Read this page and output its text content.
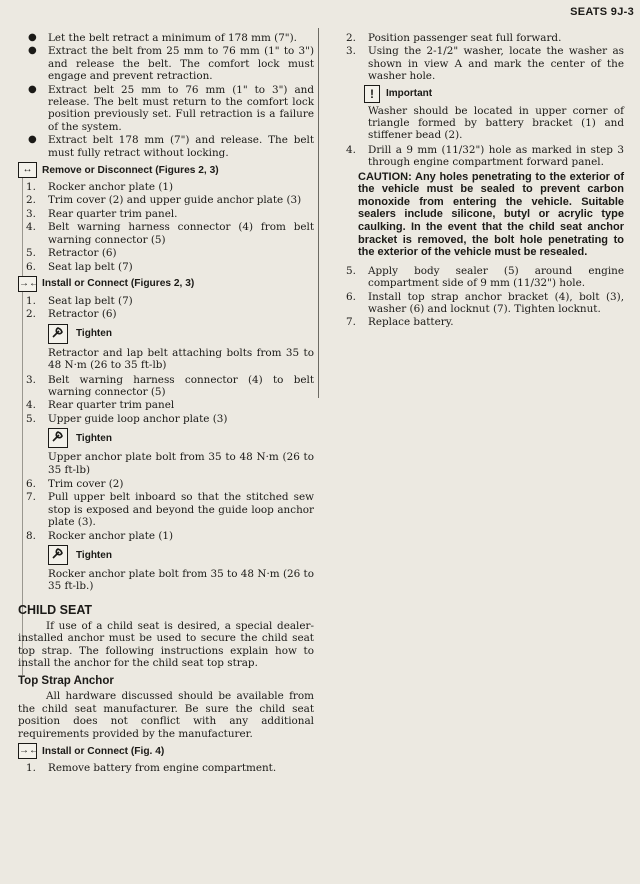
SEATS 9J-3
● Let the belt retract a minimum of 178 mm (7").
● Extract the belt from 25 mm to 76 mm (1" to 3") and release the belt. The comfort lock must engage and prevent retraction.
● Extract belt 25 mm to 76 mm (1" to 3") and release. The belt must return to the comfort lock position previously set. Full retraction is a failure of the system.
● Extract belt 178 mm (7") and release. The belt must fully retract without locking.
↔ Remove or Disconnect (Figures 2, 3)
1. Rocker anchor plate (1)
2. Trim cover (2) and upper guide anchor plate (3)
3. Rear quarter trim panel.
4. Belt warning harness connector (4) from belt warning connector (5)
5. Retractor (6)
6. Seat lap belt (7)
→← Install or Connect (Figures 2, 3)
1. Seat lap belt (7)
2. Retractor (6)
Tighten
Retractor and lap belt attaching bolts from 35 to 48 N·m (26 to 35 ft-lb)
3. Belt warning harness connector (4) to belt warning connector (5)
4. Rear quarter trim panel
5. Upper guide loop anchor plate (3)
Tighten
Upper anchor plate bolt from 35 to 48 N·m (26 to 35 ft-lb)
6. Trim cover (2)
7. Pull upper belt inboard so that the stitched sew stop is exposed and beyond the guide loop anchor plate (3).
8. Rocker anchor plate (1)
Tighten
Rocker anchor plate bolt from 35 to 48 N·m (26 to 35 ft-lb.)
CHILD SEAT
If use of a child seat is desired, a special dealer-installed anchor must be used to secure the child seat top strap. The following instructions explain how to install the anchor for the child seat top strap.
Top Strap Anchor
All hardware discussed should be available from the child seat manufacturer. Be sure the child seat position does not conflict with any additional requirements provided by the manufacturer.
→← Install or Connect (Fig. 4)
1. Remove battery from engine compartment.
2. Position passenger seat full forward.
3. Using the 2-1/2" washer, locate the washer as shown in view A and mark the center of the washer hole.
!	Important
Washer should be located in upper corner of triangle formed by battery bracket (1) and stiffener bead (2).
4. Drill a 9 mm (11/32") hole as marked in step 3 through engine compartment forward panel.
CAUTION: Any holes penetrating to the exterior of the vehicle must be sealed to prevent carbon monoxide from entering the vehicle. Suitable sealers include silicone, butyl or acrylic type caulking. In the event that the child seat anchor bracket is removed, the bolt hole penetrating to the exterior of the vehicle must be resealed.
5. Apply body sealer (5) around engine compartment side of 9 mm (11/32") hole.
6. Install top strap anchor bracket (4), bolt (3), washer (6) and locknut (7). Tighten locknut.
7. Replace battery.
